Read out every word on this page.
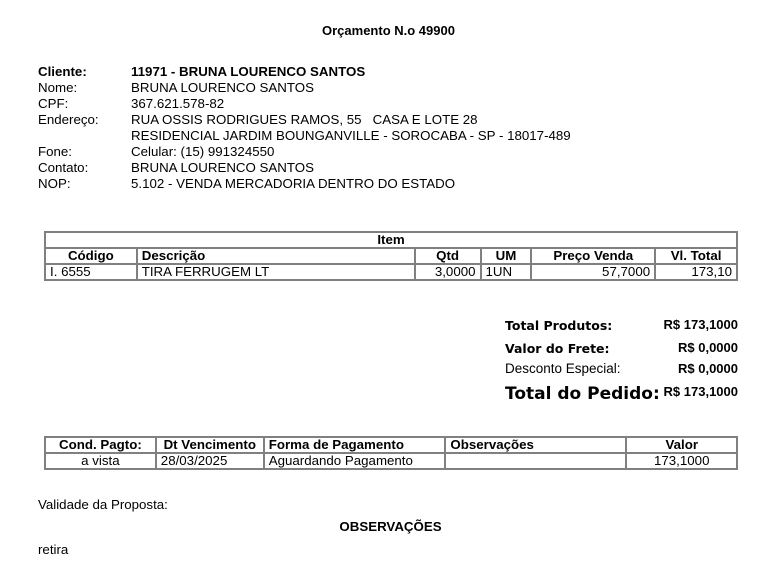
Orçamento N.o 49900
Cliente:	11971 - BRUNA LOURENCO SANTOS
Nome:	BRUNA LOURENCO SANTOS
CPF:	367.621.578-82
Endereço: RUA OSSIS RODRIGUES RAMOS, 55   CASA E LOTE 28
RESIDENCIAL JARDIM BOUNGANVILLE - SOROCABA - SP - 18017-489
Fone:	Celular: (15) 991324550
Contato:	BRUNA LOURENCO SANTOS
NOP:	5.102 - VENDA MERCADORIA DENTRO DO ESTADO
Item					
Código	Descrição	Qtd	UM	Preço Venda	Vl. Total
I. 6555	TIRA FERRUGEM LT	3,0000	1UN	57,7000	173,10
Total Produtos:	R$ 173,1000
Valor do Frete:	R$ 0,0000
Desconto Especial:	R$ 0,0000
Total do Pedido: R$ 173,1000
Cond. Pagto:	Dt Vencimento	Forma de Pagamento	Observações	Valor
a vista	28/03/2025	Aguardando Pagamento		173,1000
Validade da Proposta:
OBSERVAÇÕES
retira
